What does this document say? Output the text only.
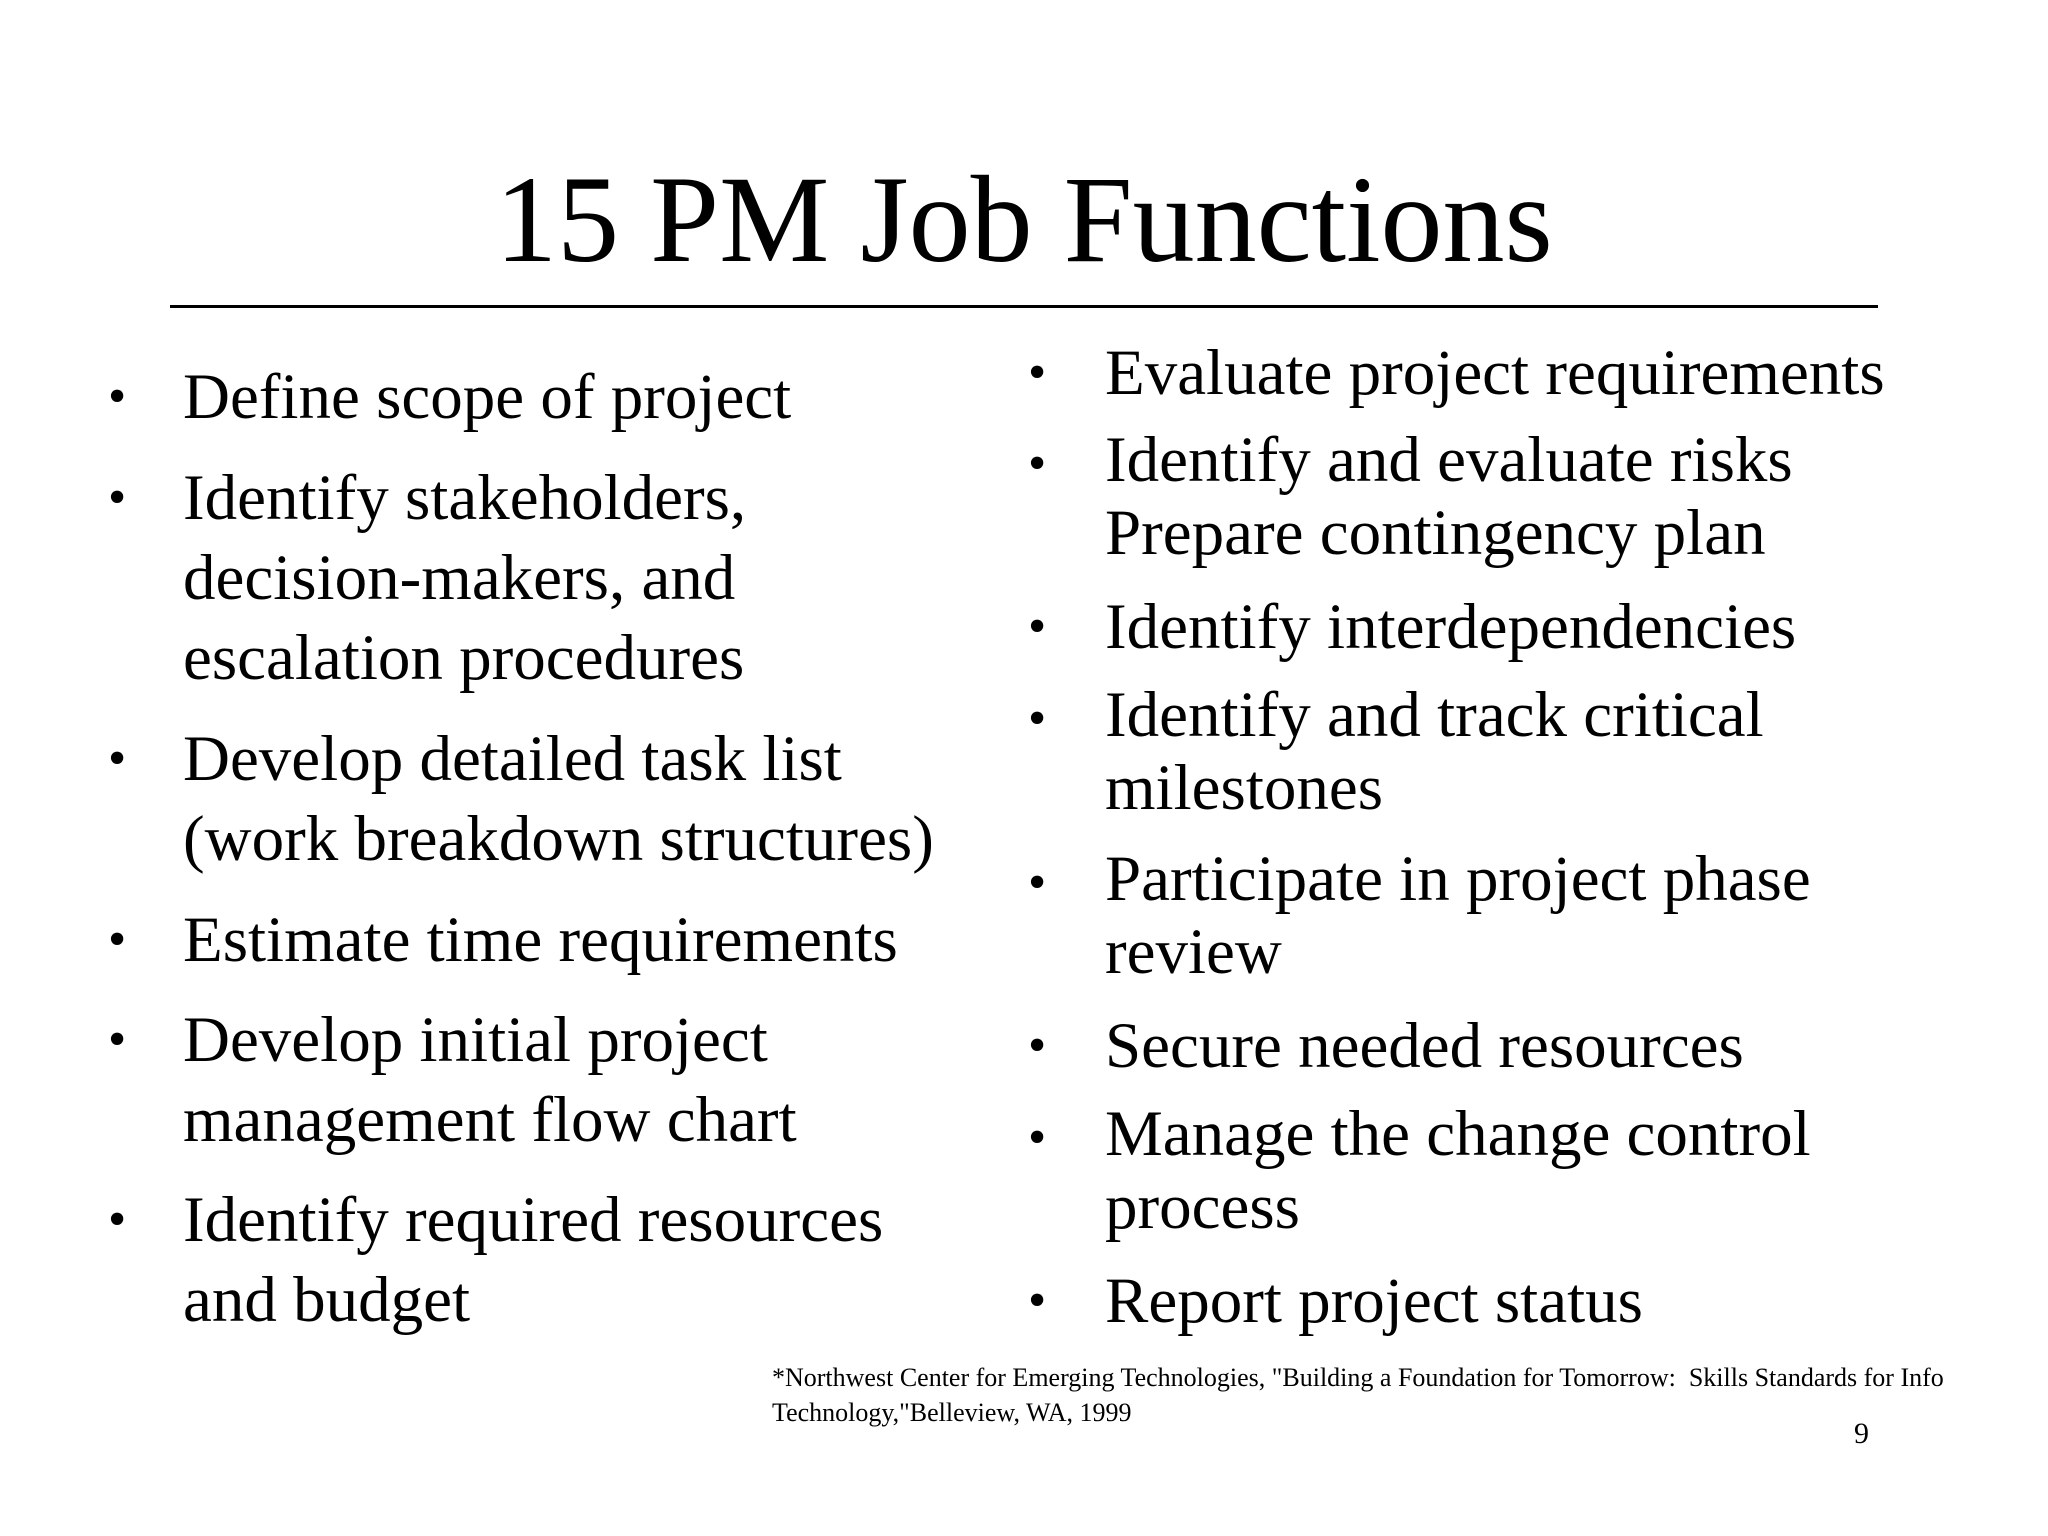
15 PM Job Functions
• Define scope of project
• Identify stakeholders,
decision-makers, and
escalation procedures
• Develop detailed task list
(work breakdown structures)
• Estimate time requirements
• Develop initial project
management flow chart
• Identify required resources
and budget
• Evaluate project requirements
• Identify and evaluate risks
Prepare contingency plan
• Identify interdependencies
• Identify and track critical
milestones
• Participate in project phase
review
• Secure needed resources
• Manage the change control
process
• Report project status
*Northwest Center for Emerging Technologies, "Building a Foundation for Tomorrow:  Skills Standards for Info
Technology,"Belleview, WA, 1999
9
